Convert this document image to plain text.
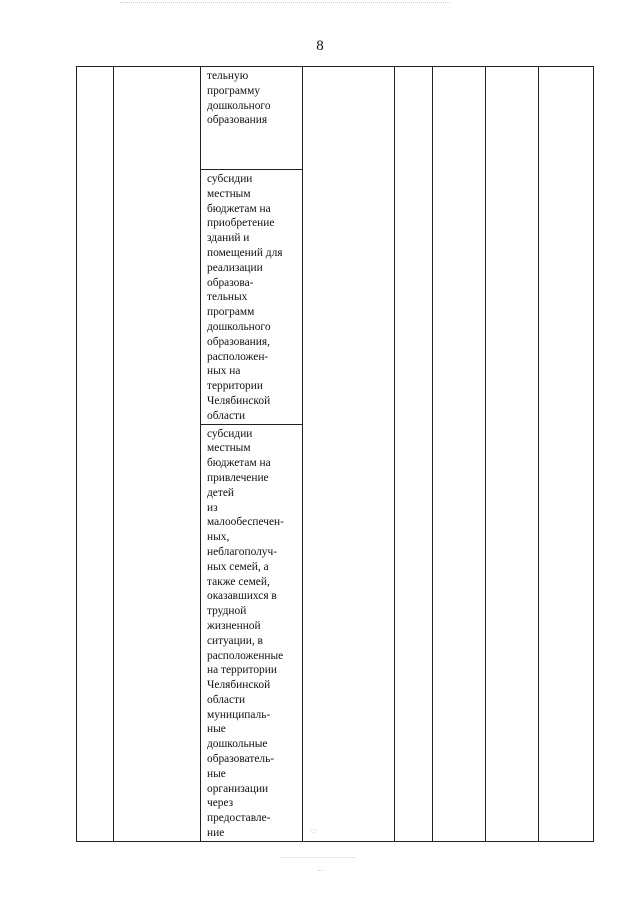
8

тельную
программу
дошкольного
образования

субсидии
местным
бюджетам на
приобретение
зданий и
помещений для
реализации
образова-
тельных
программ
дошкольного
образования,
расположен-
ных на
территории
Челябинской
области

субсидии
местным
бюджетам на
привлечение
детей
из
малообеспечен-
ных,
неблагополуч-
ных семей, а
также семей,
оказавшихся в
трудной
жизненной
ситуации, в
расположенные
на территории
Челябинской
области
муниципаль-
ные
дошкольные
образователь-
ные
организации
через
предоставле-
ние	·:·
